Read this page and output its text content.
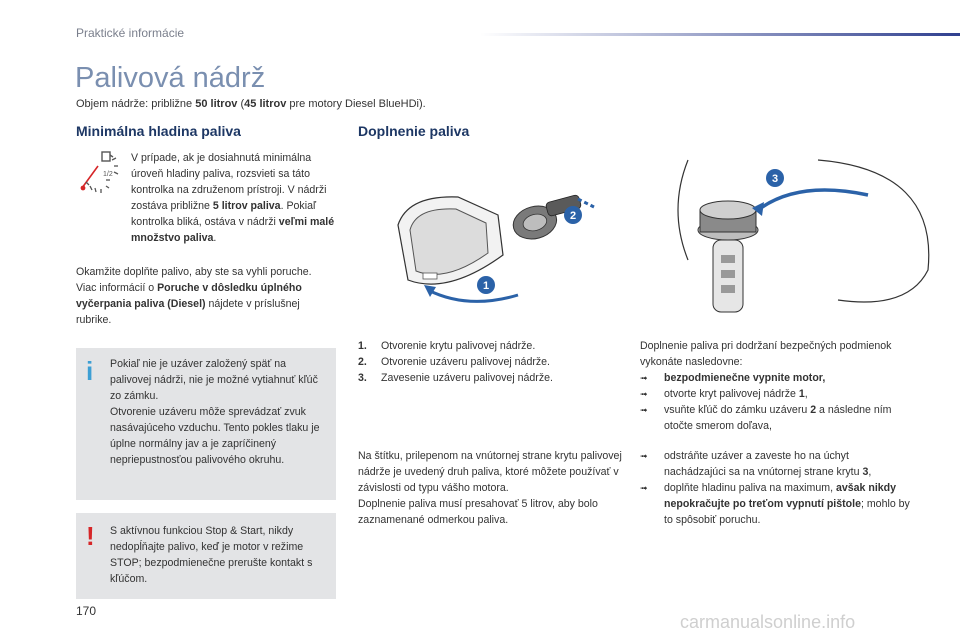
Praktické informácie
Palivová nádrž
Objem nádrže: približne 50 litrov (45 litrov pre motory Diesel BlueHDi).
Minimálna hladina paliva
1/2

V prípade, ak je dosiahnutá minimálna úroveň hladiny paliva, rozsvieti sa táto kontrolka na združenom prístroji. V nádrži zostáva približne 5 litrov paliva. Pokiaľ kontrolka bliká, ostáva v nádrži veľmi malé množstvo paliva.

Okamžite doplňte palivo, aby ste sa vyhli poruche.
Viac informácií o Poruche v dôsledku úplného vyčerpania paliva (Diesel) nájdete v príslušnej rubrike.

i Pokiaľ nie je uzáver založený späť na palivovej nádrži, nie je možné vytiahnuť kľúč zo zámku.
Otvorenie uzáveru môže sprevádzať zvuk nasávajúceho vzduchu. Tento pokles tlaku je úplne normálny jav a je zapríčinený nepriepustnosťou palivového okruhu.

! S aktívnou funkciou Stop & Start, nikdy nedopĺňajte palivo, keď je motor v režime STOP; bezpodmienečne prerušte kontakt s kľúčom.

Doplnenie paliva
2
1
3

1. Otvorenie krytu palivovej nádrže.

2. Otvorenie uzáveru palivovej nádrže.

3. Zavesenie uzáveru palivovej nádrže.

Na štítku, prilepenom na vnútornej strane krytu palivovej nádrže je uvedený druh paliva, ktoré môžete používať v závislosti od typu vášho motora.
Doplnenie paliva musí presahovať 5 litrov, aby bolo zaznamenané odmerkou paliva.

Doplnenie paliva pri dodržaní bezpečných podmienok vykonáte nasledovne:

➟ bezpodmienečne vypnite motor,

➟ otvorte kryt palivovej nádrže 1,

➟ vsuňte kľúč do zámku uzáveru 2 a následne ním otočte smerom doľava,

➟ odstráňte uzáver a zaveste ho na úchyt nachádzajúci sa na vnútornej strane krytu 3,

➟ doplňte hladinu paliva na maximum, avšak nikdy nepokračujte po treťom vypnutí pištole; mohlo by to spôsobiť poruchu.

170
carmanualsonline.info
